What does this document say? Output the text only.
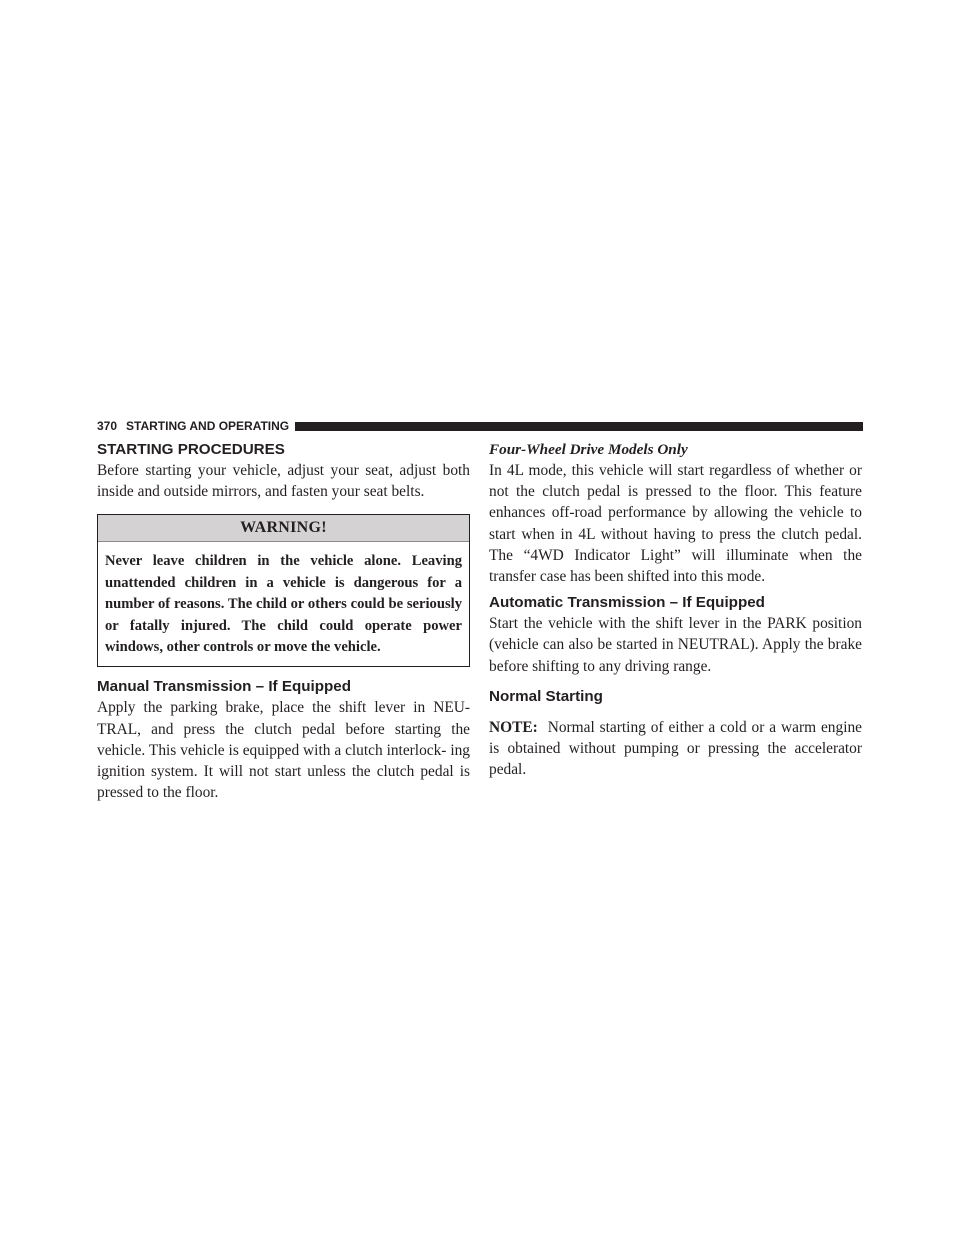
370 STARTING AND OPERATING
STARTING PROCEDURES

Before starting your vehicle, adjust your seat, adjust both inside and outside mirrors, and fasten your seat belts.

WARNING!
Never leave children in the vehicle alone. Leaving unattended children in a vehicle is dangerous for a number of reasons. The child or others could be seriously or fatally injured. The child could operate power windows, other controls or move the vehicle.
Manual Transmission – If Equipped

Apply the parking brake, place the shift lever in NEU- TRAL, and press the clutch pedal before starting the vehicle. This vehicle is equipped with a clutch interlock- ing ignition system. It will not start unless the clutch pedal is pressed to the floor.

Four-Wheel Drive Models Only

In 4L mode, this vehicle will start regardless of whether or not the clutch pedal is pressed to the floor. This feature enhances off-road performance by allowing the vehicle to start when in 4L without having to press the clutch pedal. The “4WD Indicator Light” will illuminate when the transfer case has been shifted into this mode.

Automatic Transmission – If Equipped

Start the vehicle with the shift lever in the PARK position (vehicle can also be started in NEUTRAL). Apply the brake before shifting to any driving range.

Normal Starting

NOTE: Normal starting of either a cold or a warm engine is obtained without pumping or pressing the accelerator pedal.
